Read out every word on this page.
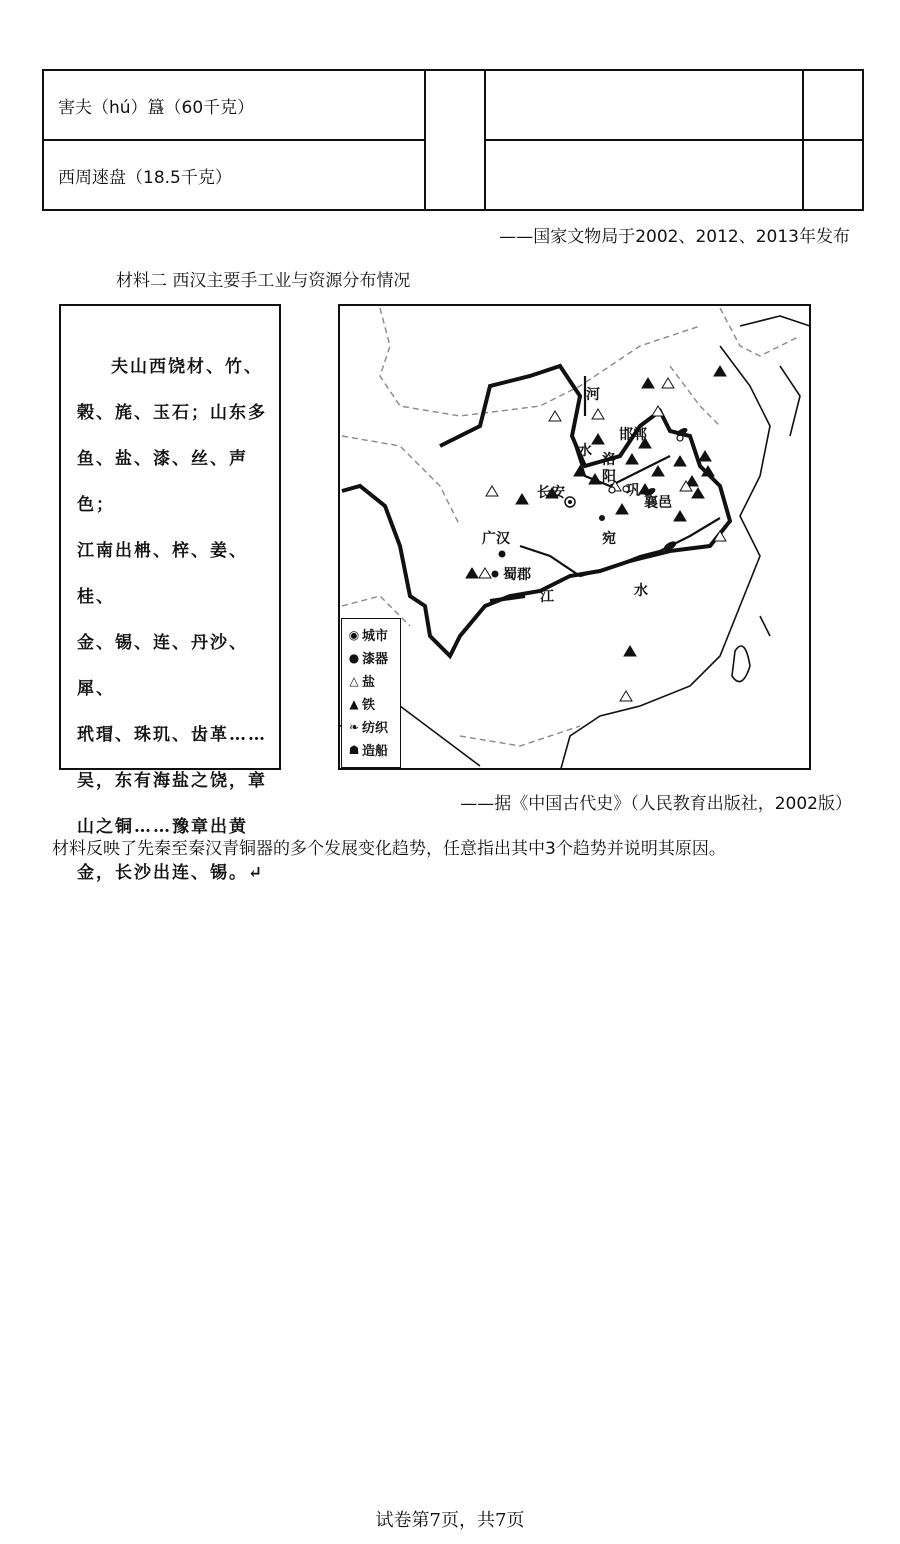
害夫（hú）簋（60千克）			
西周逨盘（18.5千克）			
——国家文物局于2002、2012、2013年发布
材料二 西汉主要手工业与资源分布情况
夫山西饶材、竹、
榖、旄、玉石；山东多
鱼、盐、漆、丝、声色；
江南出柟、梓、姜、桂、
金、锡、连、丹沙、犀、
玳瑁、珠玑、齿革……
吴，东有海盐之饶，章
山之铜……豫章出黄
金，长沙出连、锡。↵
河
水
邯郸
洛
阳
长安	巩
襄邑
宛
广汉
蜀郡
江	水
◉ 城市
● 漆器
△ 盐
▲ 铁
❧ 纺织
☗ 造船
——据《中国古代史》（人民教育出版社，2002版）
材料反映了先秦至秦汉青铜器的多个发展变化趋势，任意指出其中3个趋势并说明其原因。
试卷第7页，共7页
